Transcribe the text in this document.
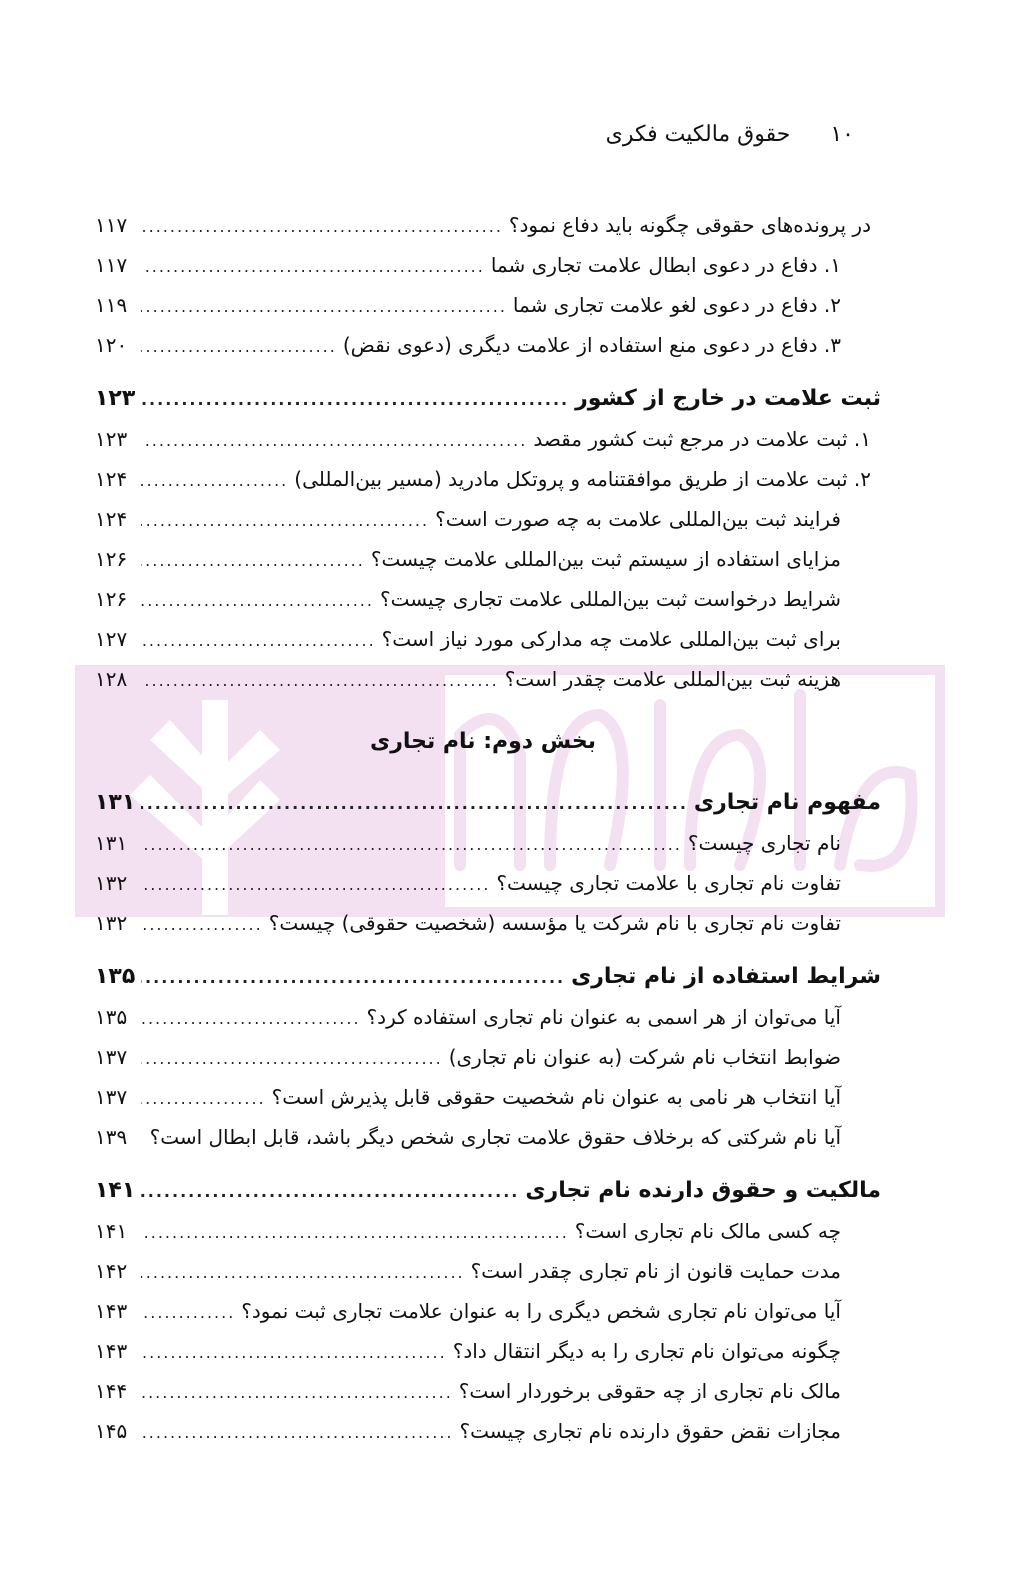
۱۰
حقوق مالکیت فکری
در پرونده‌های حقوقی چگونه باید دفاع نمود؟
.....
۱۱۷
۱. دفاع در دعوی ابطال علامت تجاری شما
.....
۱۱۷
۲. دفاع در دعوی لغو علامت تجاری شما
.....
۱۱۹
۳. دفاع در دعوی منع استفاده از علامت دیگری (دعوی نقض)
.....
۱۲۰
ثبت علامت در خارج از کشور
.....
۱۲۳
۱. ثبت علامت در مرجع ثبت کشور مقصد
.....
۱۲۳
۲. ثبت علامت از طریق موافقتنامه و پروتکل مادرید (مسیر بین‌المللی)
.....
۱۲۴
فرایند ثبت بین‌المللی علامت به چه صورت است؟
.....
۱۲۴
مزایای استفاده از سیستم ثبت بین‌المللی علامت چیست؟
.....
۱۲۶
شرایط درخواست ثبت بین‌المللی علامت تجاری چیست؟
.....
۱۲۶
برای ثبت بین‌المللی علامت چه مدارکی مورد نیاز است؟
.....
۱۲۷
هزینه ثبت بین‌المللی علامت چقدر است؟
.....
۱۲۸
بخش دوم: نام تجاری
مفهوم نام تجاری
.....
۱۳۱
نام تجاری چیست؟
.....
۱۳۱
تفاوت نام تجاری با علامت تجاری چیست؟
.....
۱۳۲
تفاوت نام تجاری با نام شرکت یا مؤسسه (شخصیت حقوقی) چیست؟
.....
۱۳۲
شرایط استفاده از نام تجاری
.....
۱۳۵
آیا می‌توان از هر اسمی به عنوان نام تجاری استفاده کرد؟
.....
۱۳۵
ضوابط انتخاب نام شرکت (به عنوان نام تجاری)
.....
۱۳۷
آیا انتخاب هر نامی به عنوان نام شخصیت حقوقی قابل پذیرش است؟
.....
۱۳۷
آیا نام شرکتی که برخلاف حقوق علامت تجاری شخص دیگر باشد، قابل ابطال است؟
.....
۱۳۹
مالکیت و حقوق دارنده نام تجاری
.....
۱۴۱
چه کسی مالک نام تجاری است؟
.....
۱۴۱
مدت حمایت قانون از نام تجاری چقدر است؟
.....
۱۴۲
آیا می‌توان نام تجاری شخص دیگری را به عنوان علامت تجاری ثبت نمود؟
.....
۱۴۳
چگونه می‌توان نام تجاری را به دیگر انتقال داد؟
.....
۱۴۳
مالک نام تجاری از چه حقوقی برخوردار است؟
.....
۱۴۴
مجازات نقض حقوق دارنده نام تجاری چیست؟
.....
۱۴۵
